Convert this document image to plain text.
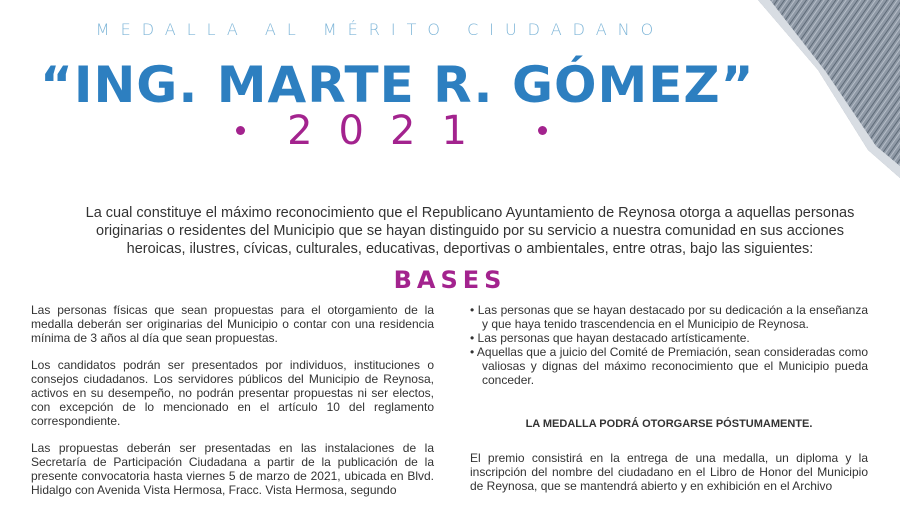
MEDALLA AL MÉRITO CIUDADANO
“ING. MARTE R. GÓMEZ”
2021
La cual constituye el máximo reconocimiento que el Republicano Ayuntamiento de Reynosa otorga a aquellas personas originarias o residentes del Municipio que se hayan distinguido por su servicio a nuestra comunidad en sus acciones heroicas, ilustres, cívicas, culturales, educativas, deportivas o ambientales, entre otras, bajo las siguientes:
BASES

Las personas físicas que sean propuestas para el otorgamiento de la medalla deberán ser originarias del Municipio o contar con una residencia mínima de 3 años al día que sean propuestas.

Los candidatos podrán ser presentados por individuos, instituciones o consejos ciudadanos. Los servidores públicos del Municipio de Reynosa, activos en su desempeño, no podrán presentar propuestas ni ser electos, con excepción de lo mencionado en el artículo 10 del reglamento correspondiente.

Las propuestas deberán ser presentadas en las instalaciones de la Secretaría de Participación Ciudadana a partir de la publicación de la presente convocatoria hasta viernes 5 de marzo de 2021, ubicada en Blvd. Hidalgo con Avenida Vista Hermosa, Fracc. Vista Hermosa, segundo

• Las personas que se hayan destacado por su dedicación a la enseñanza y que haya tenido trascendencia en el Municipio de Reynosa.
• Las personas que hayan destacado artísticamente.
• Aquellas que a juicio del Comité de Premiación, sean consideradas como valiosas y dignas del máximo reconocimiento que el Municipio pueda conceder.
LA MEDALLA PODRÁ OTORGARSE PÓSTUMAMENTE.

El premio consistirá en la entrega de una medalla, un diploma y la inscripción del nombre del ciudadano en el Libro de Honor del Municipio de Reynosa, que se mantendrá abierto y en exhibición en el Archivo
